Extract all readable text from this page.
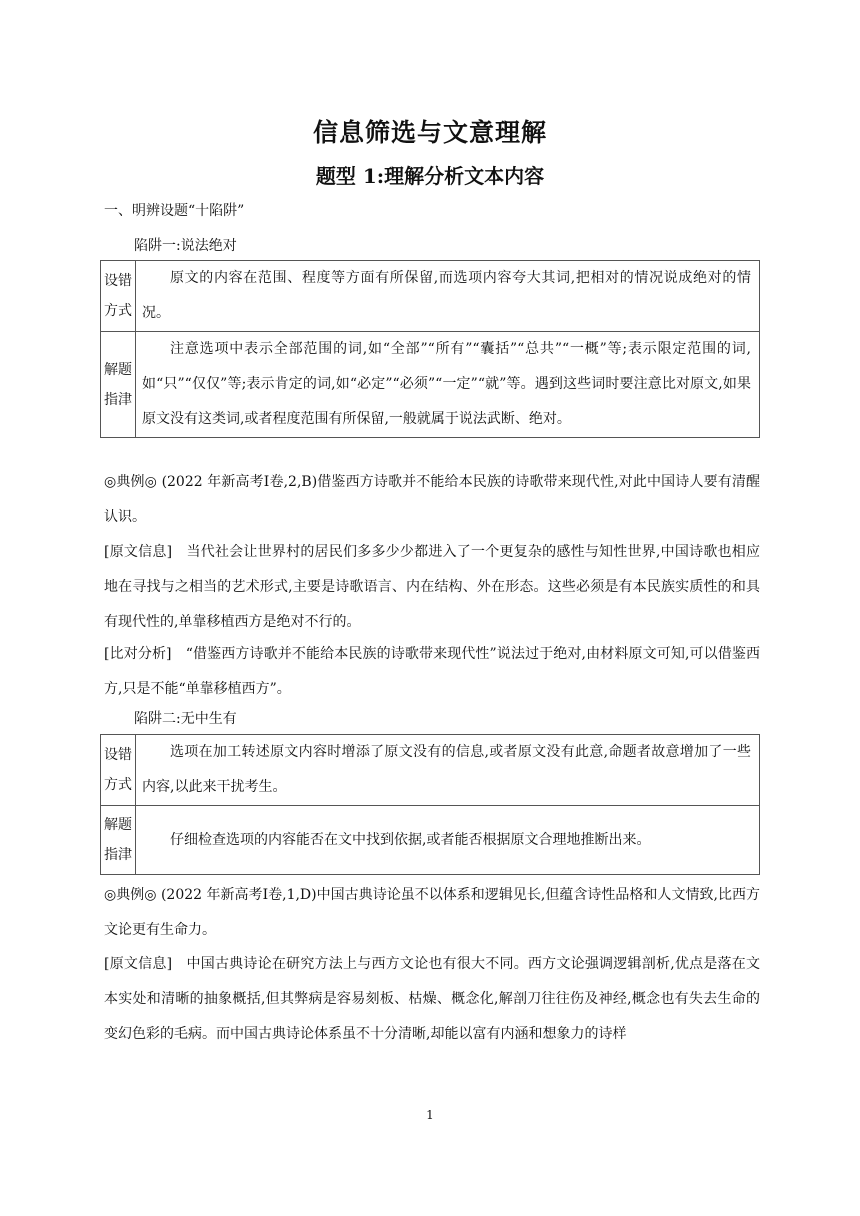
信息筛选与文意理解
题型 1:理解分析文本内容
一、明辨设题“十陷阱”
陷阱一:说法绝对
设错方式	原文的内容在范围、程度等方面有所保留,而选项内容夸大其词,把相对的情况说成绝对的情况。
解题指津	注意选项中表示全部范围的词,如“全部”“所有”“囊括”“总共”“一概”等;表示限定范围的词,如“只”“仅仅”等;表示肯定的词,如“必定”“必须”“一定”“就”等。遇到这些词时要注意比对原文,如果原文没有这类词,或者程度范围有所保留,一般就属于说法武断、绝对。
◎典例◎ (2022 年新高考Ⅰ卷,2,B)借鉴西方诗歌并不能给本民族的诗歌带来现代性,对此中国诗人要有清醒认识。
[原文信息]　当代社会让世界村的居民们多多少少都进入了一个更复杂的感性与知性世界,中国诗歌也相应地在寻找与之相当的艺术形式,主要是诗歌语言、内在结构、外在形态。这些必须是有本民族实质性的和具有现代性的,单靠移植西方是绝对不行的。
[比对分析]　“借鉴西方诗歌并不能给本民族的诗歌带来现代性”说法过于绝对,由材料原文可知,可以借鉴西方,只是不能“单靠移植西方”。
陷阱二:无中生有
设错方式	选项在加工转述原文内容时增添了原文没有的信息,或者原文没有此意,命题者故意增加了一些内容,以此来干扰考生。
解题指津	仔细检查选项的内容能否在文中找到依据,或者能否根据原文合理地推断出来。
◎典例◎ (2022 年新高考Ⅰ卷,1,D)中国古典诗论虽不以体系和逻辑见长,但蕴含诗性品格和人文情致,比西方文论更有生命力。
[原文信息]　中国古典诗论在研究方法上与西方文论也有很大不同。西方文论强调逻辑剖析,优点是落在文本实处和清晰的抽象概括,但其弊病是容易刻板、枯燥、概念化,解剖刀往往伤及神经,概念也有失去生命的变幻色彩的毛病。而中国古典诗论体系虽不十分清晰,却能以富有内涵和想象力的诗样
1
